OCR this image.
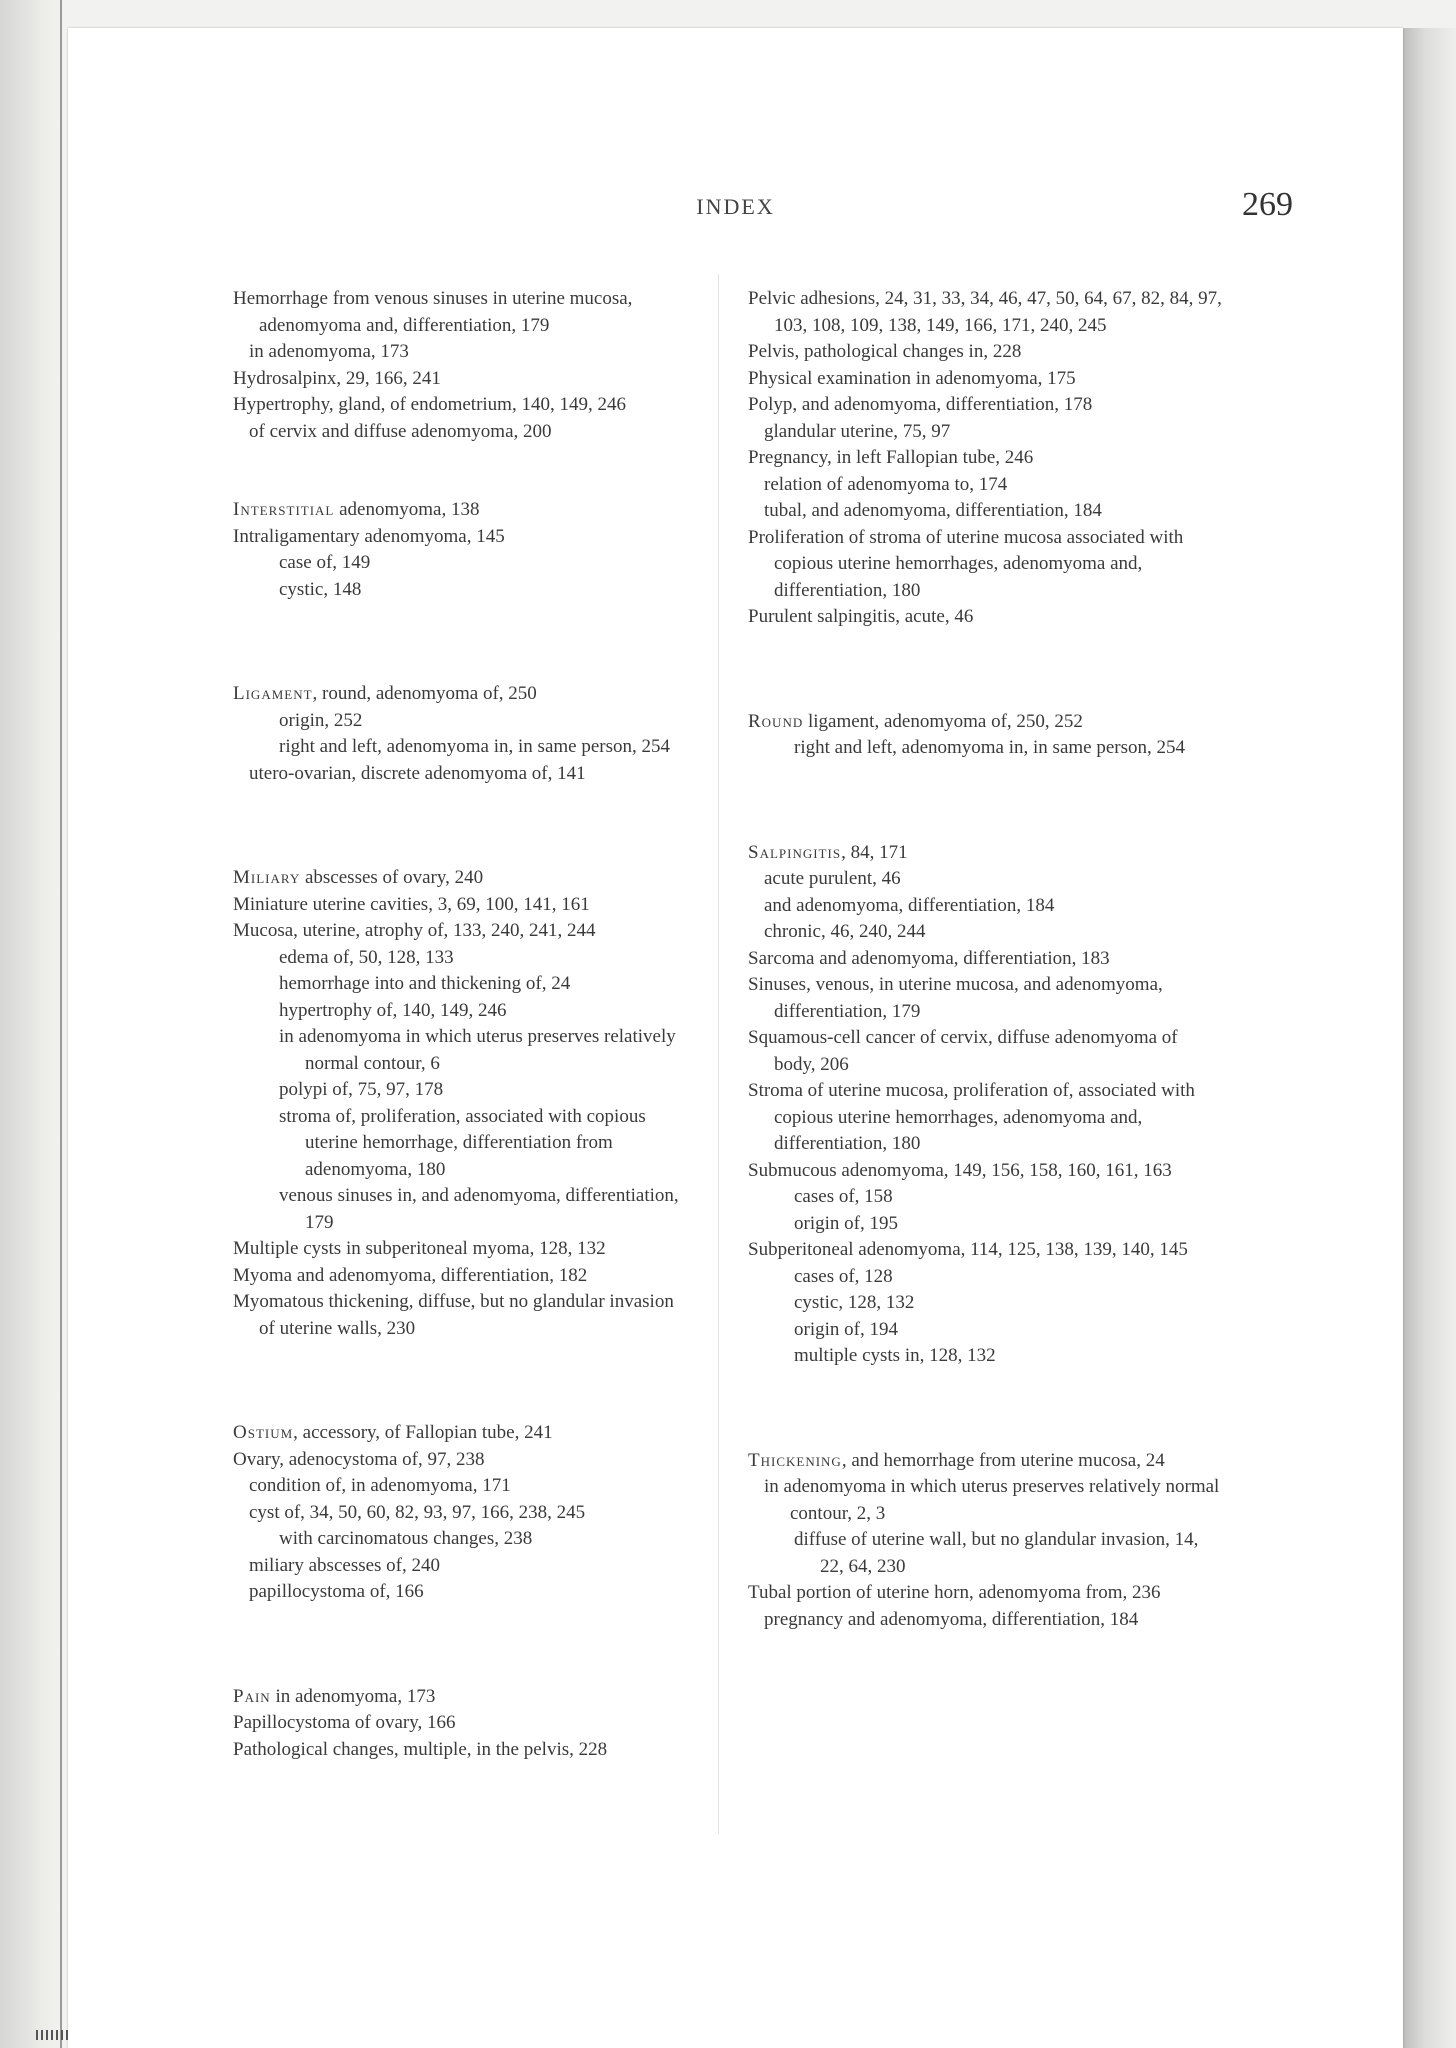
INDEX	269

Hemorrhage from venous sinuses in uterine mucosa, adenomyoma and, differentiation, 179

in adenomyoma, 173

Hydrosalpinx, 29, 166, 241

Hypertrophy, gland, of endometrium, 140, 149, 246

of cervix and diffuse adenomyoma, 200

Interstitial adenomyoma, 138

Intraligamentary adenomyoma, 145

case of, 149

cystic, 148

Ligament, round, adenomyoma of, 250

origin, 252

right and left, adenomyoma in, in same person, 254

utero-ovarian, discrete adenomyoma of, 141

Miliary abscesses of ovary, 240

Miniature uterine cavities, 3, 69, 100, 141, 161

Mucosa, uterine, atrophy of, 133, 240, 241, 244

edema of, 50, 128, 133

hemorrhage into and thickening of, 24

hypertrophy of, 140, 149, 246

in adenomyoma in which uterus preserves relatively normal contour, 6

polypi of, 75, 97, 178

stroma of, proliferation, associated with copious uterine hemorrhage, differentiation from adenomyoma, 180

venous sinuses in, and adenomyoma, differentiation, 179

Multiple cysts in subperitoneal myoma, 128, 132

Myoma and adenomyoma, differentiation, 182

Myomatous thickening, diffuse, but no glandular invasion of uterine walls, 230

Ostium, accessory, of Fallopian tube, 241

Ovary, adenocystoma of, 97, 238

condition of, in adenomyoma, 171

cyst of, 34, 50, 60, 82, 93, 97, 166, 238, 245

with carcinomatous changes, 238

miliary abscesses of, 240

papillocystoma of, 166

Pain in adenomyoma, 173

Papillocystoma of ovary, 166

Pathological changes, multiple, in the pelvis, 228

Pelvic adhesions, 24, 31, 33, 34, 46, 47, 50, 64, 67, 82, 84, 97, 103, 108, 109, 138, 149, 166, 171, 240, 245

Pelvis, pathological changes in, 228

Physical examination in adenomyoma, 175

Polyp, and adenomyoma, differentiation, 178

glandular uterine, 75, 97

Pregnancy, in left Fallopian tube, 246

relation of adenomyoma to, 174

tubal, and adenomyoma, differentiation, 184

Proliferation of stroma of uterine mucosa associated with copious uterine hemorrhages, adenomyoma and, differentiation, 180

Purulent salpingitis, acute, 46

Round ligament, adenomyoma of, 250, 252

right and left, adenomyoma in, in same person, 254

Salpingitis, 84, 171

acute purulent, 46

and adenomyoma, differentiation, 184

chronic, 46, 240, 244

Sarcoma and adenomyoma, differentiation, 183

Sinuses, venous, in uterine mucosa, and adenomyoma, differentiation, 179

Squamous-cell cancer of cervix, diffuse adenomyoma of body, 206

Stroma of uterine mucosa, proliferation of, associated with copious uterine hemorrhages, adenomyoma and, differentiation, 180

Submucous adenomyoma, 149, 156, 158, 160, 161, 163

cases of, 158

origin of, 195

Subperitoneal adenomyoma, 114, 125, 138, 139, 140, 145

cases of, 128

cystic, 128, 132

origin of, 194

multiple cysts in, 128, 132

Thickening, and hemorrhage from uterine mucosa, 24

in adenomyoma in which uterus preserves relatively normal contour, 2, 3

diffuse of uterine wall, but no glandular invasion, 14, 22, 64, 230

Tubal portion of uterine horn, adenomyoma from, 236

pregnancy and adenomyoma, differentiation, 184
